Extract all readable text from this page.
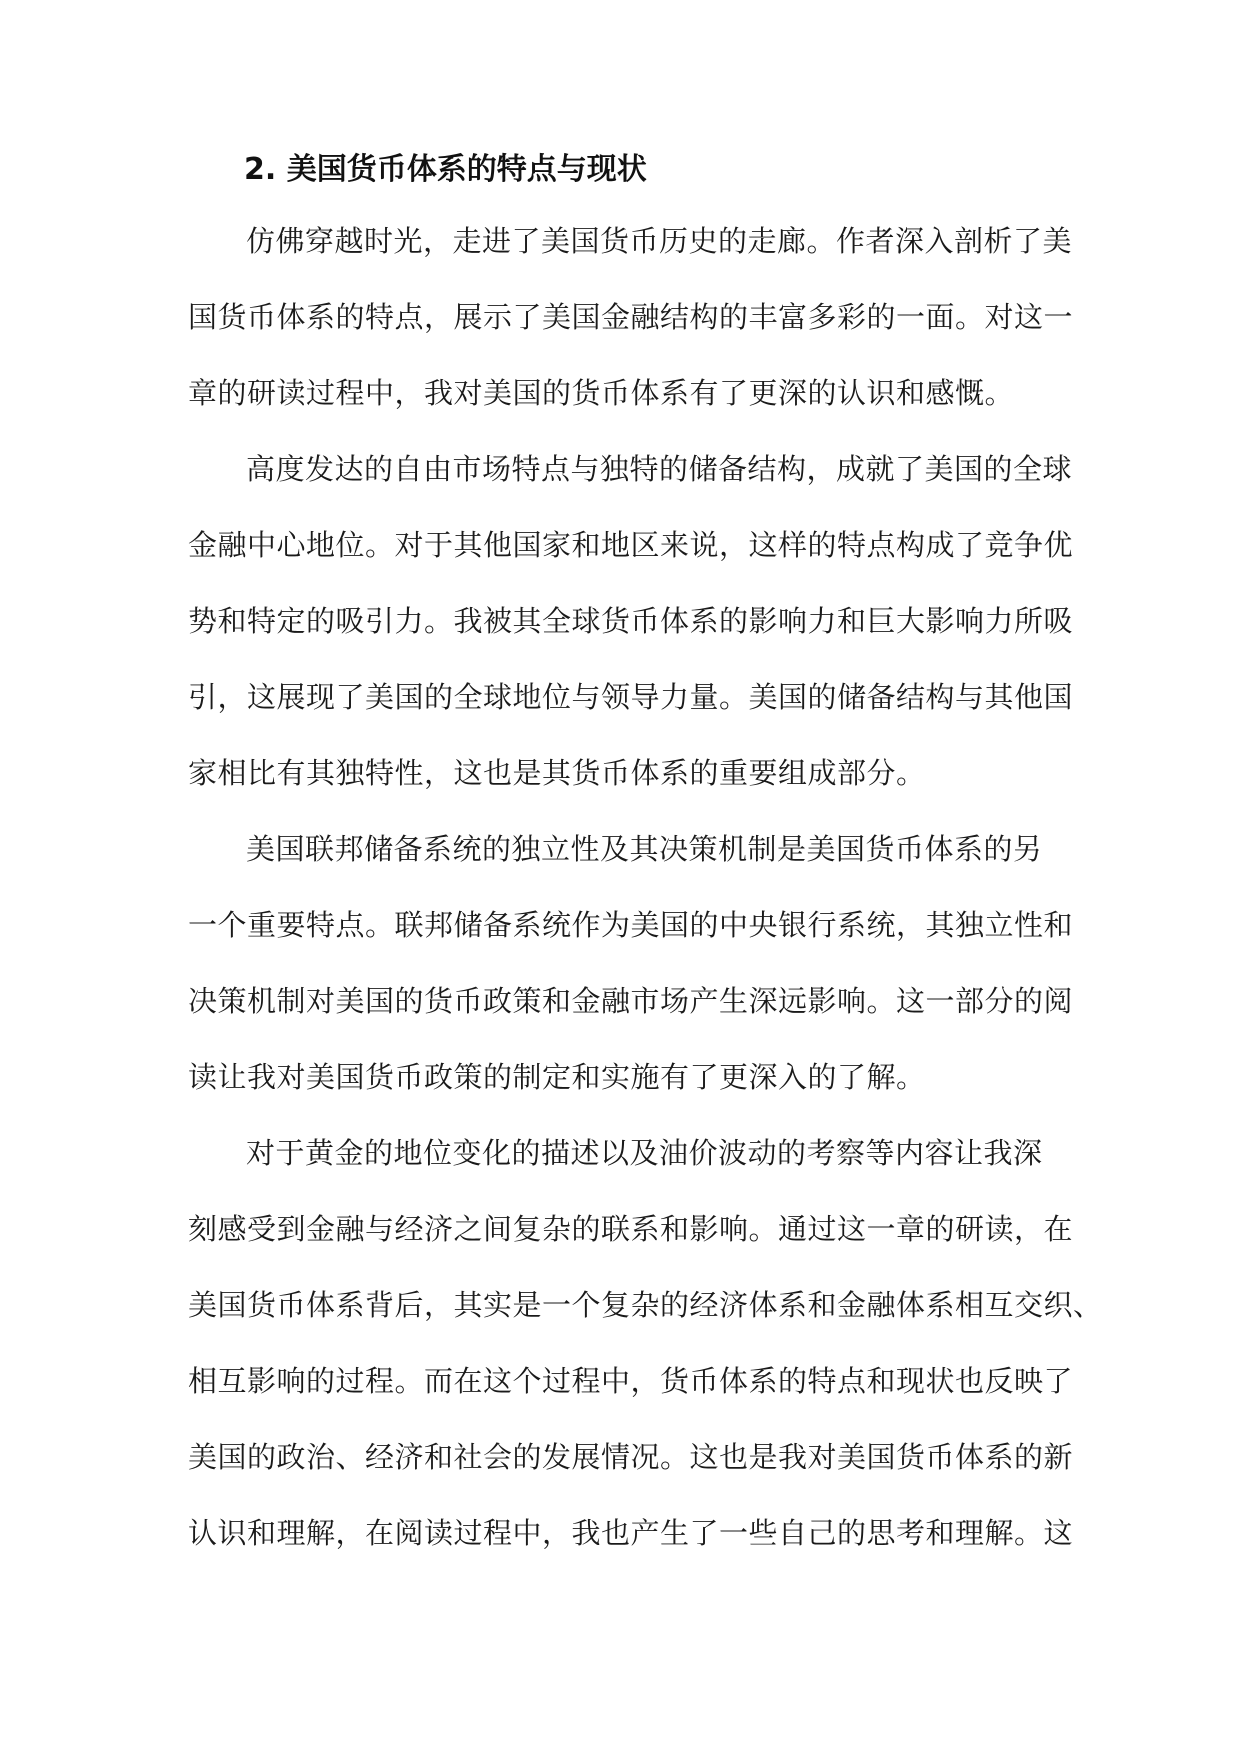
2. 美国货币体系的特点与现状
仿佛穿越时光，走进了美国货币历史的走廊。作者深入剖析了美
国货币体系的特点，展示了美国金融结构的丰富多彩的一面。对这一
章的研读过程中，我对美国的货币体系有了更深的认识和感慨。
高度发达的自由市场特点与独特的储备结构，成就了美国的全球
金融中心地位。对于其他国家和地区来说，这样的特点构成了竞争优
势和特定的吸引力。我被其全球货币体系的影响力和巨大影响力所吸
引，这展现了美国的全球地位与领导力量。美国的储备结构与其他国
家相比有其独特性，这也是其货币体系的重要组成部分。
美国联邦储备系统的独立性及其决策机制是美国货币体系的另
一个重要特点。联邦储备系统作为美国的中央银行系统，其独立性和
决策机制对美国的货币政策和金融市场产生深远影响。这一部分的阅
读让我对美国货币政策的制定和实施有了更深入的了解。
对于黄金的地位变化的描述以及油价波动的考察等内容让我深
刻感受到金融与经济之间复杂的联系和影响。通过这一章的研读，在
美国货币体系背后，其实是一个复杂的经济体系和金融体系相互交织、
相互影响的过程。而在这个过程中，货币体系的特点和现状也反映了
美国的政治、经济和社会的发展情况。这也是我对美国货币体系的新
认识和理解，在阅读过程中，我也产生了一些自己的思考和理解。这
